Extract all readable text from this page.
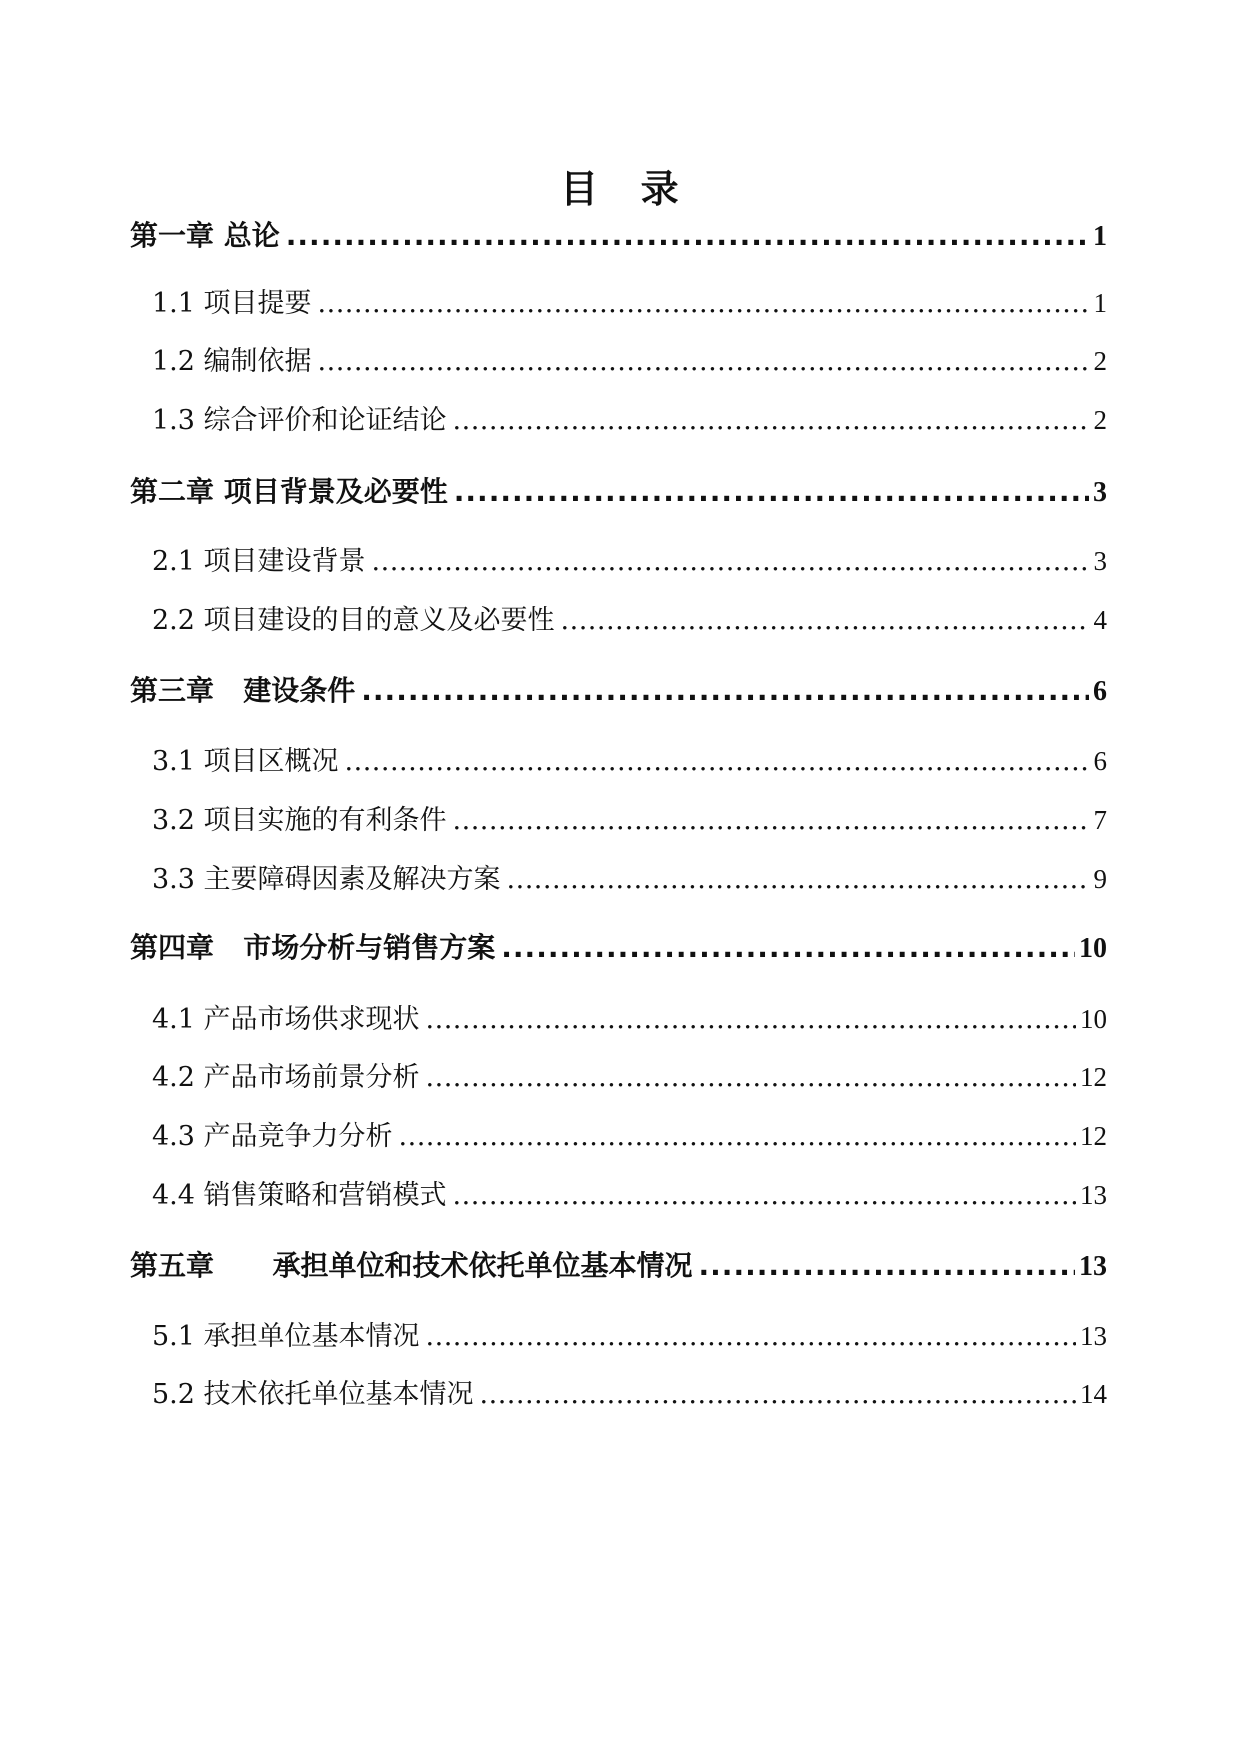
目　录
第一章 总论 .....	1
1.1 项目提要 .....	1
1.2 编制依据 .....	2
1.3 综合评价和论证结论 .....	2
第二章 项目背景及必要性 .....	3
2.1 项目建设背景 .....	3
2.2 项目建设的目的意义及必要性 .....	4
第三章 建设条件 .....	6
3.1 项目区概况 .....	6
3.2 项目实施的有利条件 .....	7
3.3 主要障碍因素及解决方案 .....	9
第四章 市场分析与销售方案 .....	10
4.1 产品市场供求现状 .....	10
4.2 产品市场前景分析 .....	12
4.3 产品竞争力分析 .....	12
4.4 销售策略和营销模式 .....	13
第五章 承担单位和技术依托单位基本情况 .....	13
5.1 承担单位基本情况 .....	13
5.2 技术依托单位基本情况 .....	14
